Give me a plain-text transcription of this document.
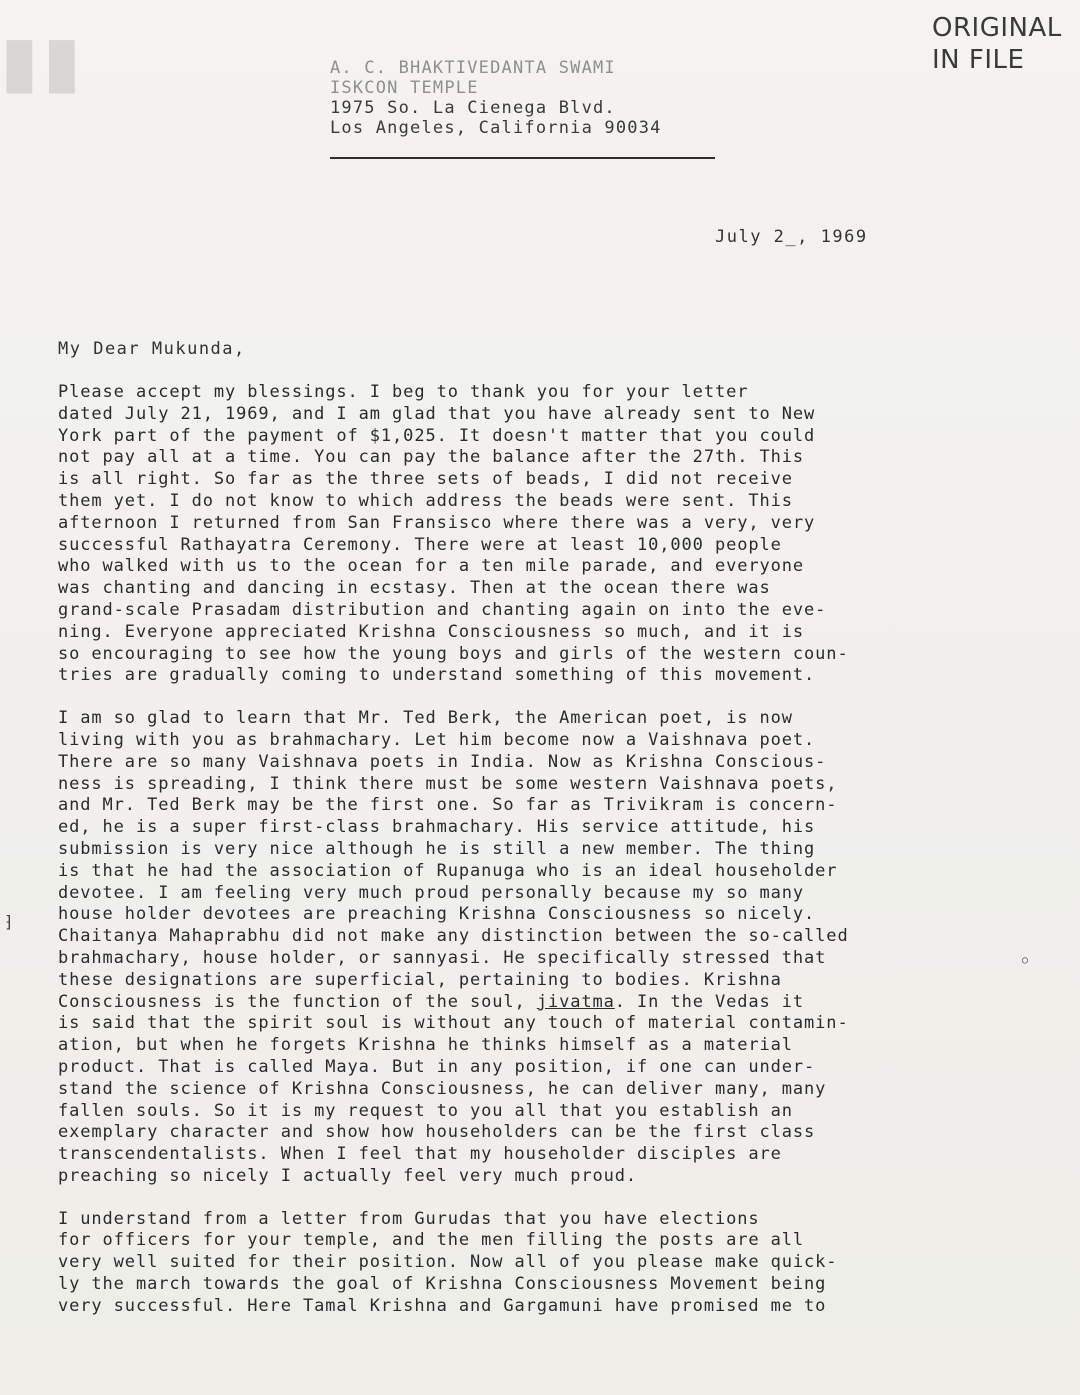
▮▮	ORIGINAL
IN FILE
A. C. BHAKTIVEDANTA SWAMI
ISKCON TEMPLE
1975 So. La Cienega Blvd.
Los Angeles, California 90034
July 2_, 1969
My Dear Mukunda,
Please accept my blessings. I beg to thank you for your letter
dated July 21, 1969, and I am glad that you have already sent to New
York part of the payment of $1,025. It doesn't matter that you could
not pay all at a time. You can pay the balance after the 27th. This
is all right. So far as the three sets of beads, I did not receive
them yet. I do not know to which address the beads were sent. This
afternoon I returned from San Fransisco where there was a very, very
successful Rathayatra Ceremony. There were at least 10,000 people
who walked with us to the ocean for a ten mile parade, and everyone
was chanting and dancing in ecstasy. Then at the ocean there was
grand-scale Prasadam distribution and chanting again on into the eve-
ning. Everyone appreciated Krishna Consciousness so much, and it is
so encouraging to see how the young boys and girls of the western coun-
tries are gradually coming to understand something of this movement.
I am so glad to learn that Mr. Ted Berk, the American poet, is now
living with you as brahmachary. Let him become now a Vaishnava poet.
There are so many Vaishnava poets in India. Now as Krishna Conscious-
ness is spreading, I think there must be some western Vaishnava poets,
and Mr. Ted Berk may be the first one. So far as Trivikram is concern-
ed, he is a super first-class brahmachary. His service attitude, his
submission is very nice although he is still a new member. The thing
is that he had the association of Rupanuga who is an ideal householder
devotee. I am feeling very much proud personally because my so many
house holder devotees are preaching Krishna Consciousness so nicely.
Chaitanya Mahaprabhu did not make any distinction between the so-called
brahmachary, house holder, or sannyasi. He specifically stressed that
these designations are superficial, pertaining to bodies. Krishna
Consciousness is the function of the soul, jivatma. In the Vedas it
is said that the spirit soul is without any touch of material contamin-
ation, but when he forgets Krishna he thinks himself as a material
product. That is called Maya. But in any position, if one can under-
stand the science of Krishna Consciousness, he can deliver many, many
fallen souls. So it is my request to you all that you establish an
exemplary character and show how householders can be the first class
transcendentalists. When I feel that my householder disciples are
preaching so nicely I actually feel very much proud.
I understand from a letter from Gurudas that you have elections
for officers for your temple, and the men filling the posts are all
very well suited for their position. Now all of you please make quick-
ly the march towards the goal of Krishna Consciousness Movement being
very successful. Here Tamal Krishna and Gargamuni have promised me to
⁆
○
